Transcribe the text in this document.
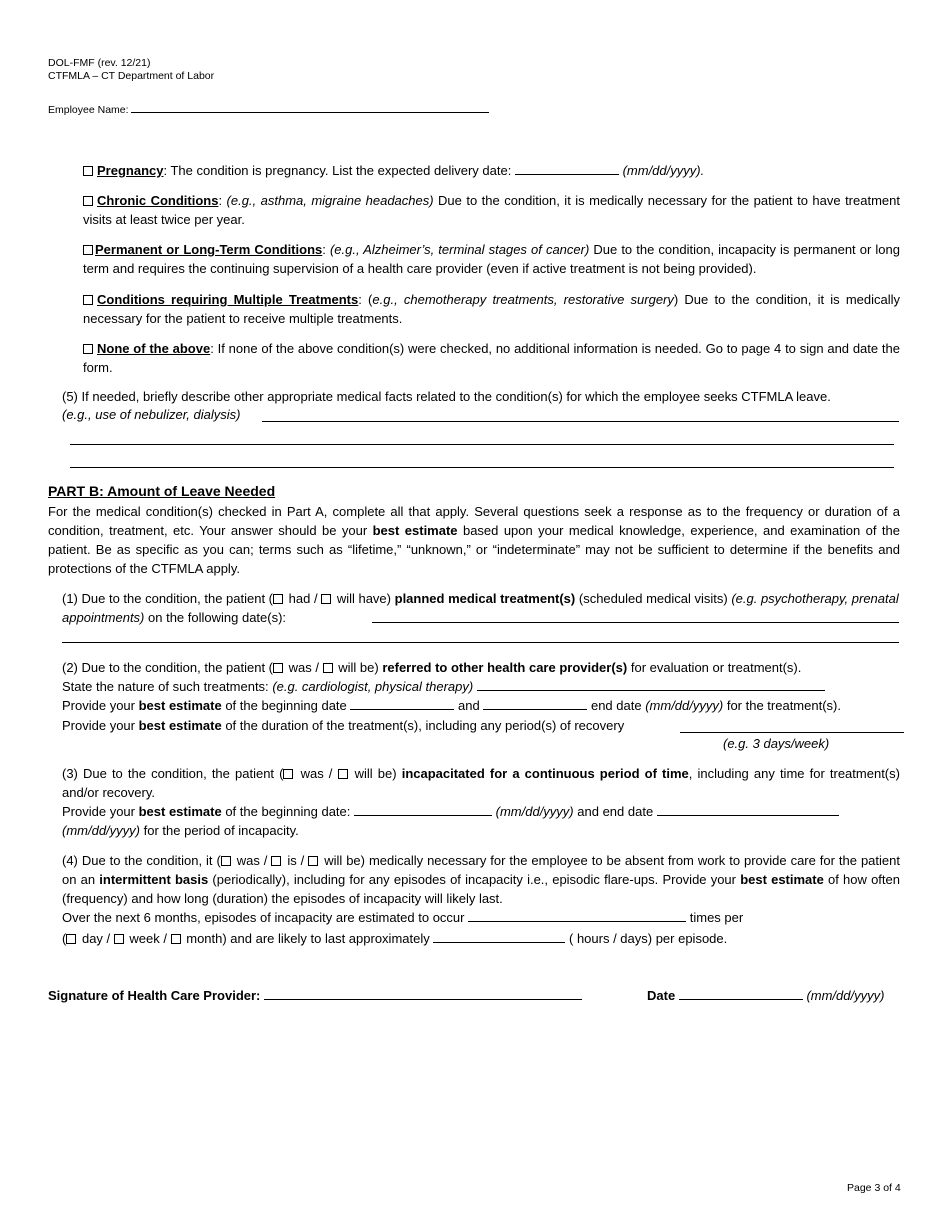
DOL-FMF (rev. 12/21)
CTFMLA – CT Department of Labor
Employee Name:
Pregnancy: The condition is pregnancy. List the expected delivery date:	(mm/dd/yyyy).
Chronic Conditions: (e.g., asthma, migraine headaches) Due to the condition, it is medically necessary for the patient to have treatment visits at least twice per year.
Permanent or Long-Term Conditions: (e.g., Alzheimer’s, terminal stages of cancer) Due to the condition, incapacity is permanent or long term and requires the continuing supervision of a health care provider (even if active treatment is not being provided).
Conditions requiring Multiple Treatments: (e.g., chemotherapy treatments, restorative surgery) Due to the condition, it is medically necessary for the patient to receive multiple treatments.
None of the above: If none of the above condition(s) were checked, no additional information is needed. Go to page 4 to sign and date the form.
(5) If needed, briefly describe other appropriate medical facts related to the condition(s) for which the employee seeks CTFMLA leave.
(e.g., use of nebulizer, dialysis)
PART B: Amount of Leave Needed
For the medical condition(s) checked in Part A, complete all that apply. Several questions seek a response as to the frequency or duration of a condition, treatment, etc. Your answer should be your best estimate based upon your medical knowledge, experience, and examination of the patient. Be as specific as you can; terms such as “lifetime,” “unknown,” or “indeterminate” may not be sufficient to determine if the benefits and protections of the CTFMLA apply.
(1) Due to the condition, the patient ( had / will have) planned medical treatment(s) (scheduled medical visits) (e.g. psychotherapy, prenatal appointments) on the following date(s):
(2) Due to the condition, the patient ( was / will be) referred to other health care provider(s) for evaluation or treatment(s).
State the nature of such treatments: (e.g. cardiologist, physical therapy)
Provide your best estimate of the beginning date	and	end date (mm/dd/yyyy) for the treatment(s).
Provide your best estimate of the duration of the treatment(s), including any period(s) of recovery
(e.g. 3 days/week)
(3) Due to the condition, the patient ( was / will be) incapacitated for a continuous period of time, including any time for treatment(s) and/or recovery.
Provide your best estimate of the beginning date:	(mm/dd/yyyy) and end date
(mm/dd/yyyy) for the period of incapacity.
(4) Due to the condition, it ( was / is / will be) medically necessary for the employee to be absent from work to provide care for the patient on an intermittent basis (periodically), including for any episodes of incapacity i.e., episodic flare-ups. Provide your best estimate of how often (frequency) and how long (duration) the episodes of incapacity will likely last.
Over the next 6 months, episodes of incapacity are estimated to occur	times per
( day / week / month) and are likely to last approximately	( hours / days) per episode.
Signature of Health Care Provider:	Date	(mm/dd/yyyy)
Page 3 of 4
